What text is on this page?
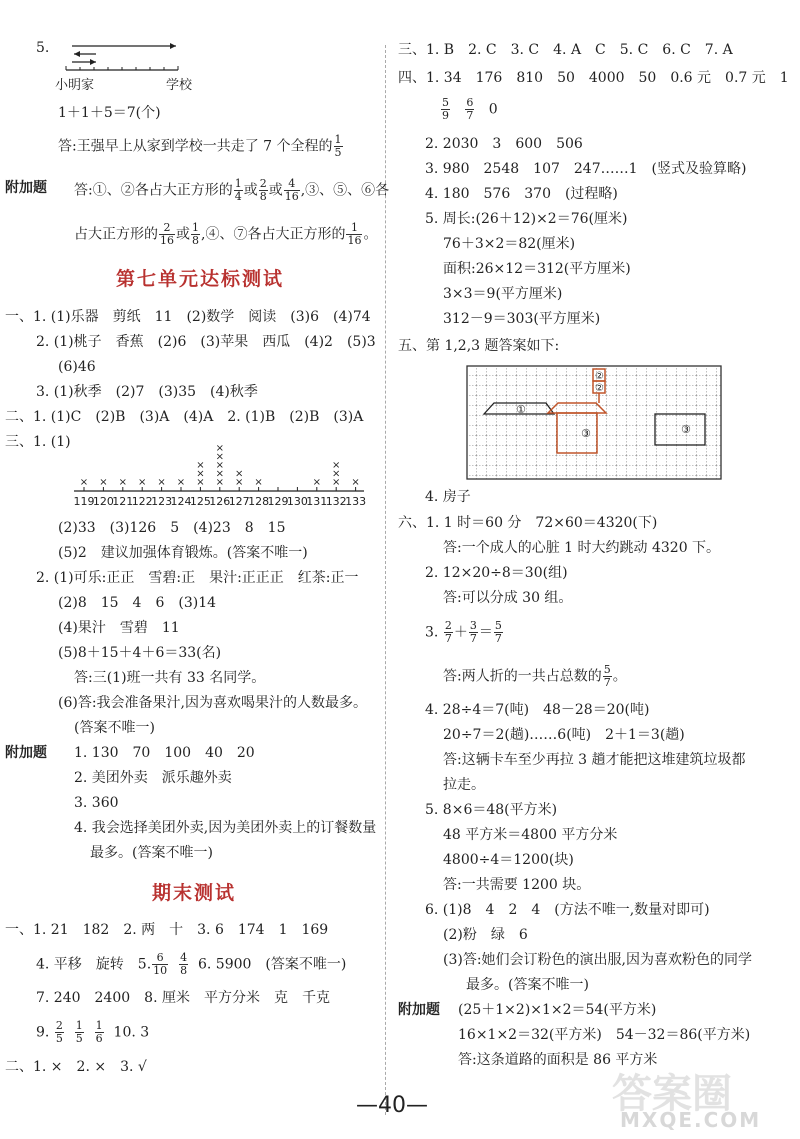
5.
小明家	学校
1＋1＋5＝7(个)
答:王强早上从家到学校一共走了 7 个全程的 $\frac{1}{5}$
附加题 答:①、②各占大正方形的 $\frac{1}{4}$ 或 $\frac{2}{8}$ 或 $\frac{4}{16}$ ,③、⑤、⑥各
占大正方形的 $\frac{2}{16}$ 或 $\frac{1}{8}$ ,④、⑦各占大正方形的 $\frac{1}{16}$ 。
第七单元达标测试
一、1. (1)乐器　剪纸　11　(2)数学　阅读　(3)6　(4)74
2. (1)桃子　香蕉　(2)6　(3)苹果　西瓜　(4)2　(5)3
(6)46
3. (1)秋季　(2)7　(3)35　(4)秋季
二、1. (1)C　(2)B　(3)A　(4)A　2. (1)B　(2)B　(3)A
三、1. (1)
119
×
120
×
121
×
122
×
123
×
124
×
125
×
×
×
126
×
×
×
×
×
127
×
×
128
×
129
130
131
×
132
×
×
×
133
×
(2)33　(3)126　5　(4)23　8　15
(5)2　建议加强体育锻炼。(答案不唯一)
2. (1)可乐:正正　雪碧:正　果汁:正正正　红茶:正一
(2)8　15　4　6　(3)14
(4)果汁　雪碧　11
(5)8＋15＋4＋6＝33(名)
答:三(1)班一共有 33 名同学。
(6)答:我会准备果汁,因为喜欢喝果汁的人数最多。
(答案不唯一)
附加题 1. 130　70　100　40　20
2. 美团外卖　派乐趣外卖
3. 360
4. 我会选择美团外卖,因为美团外卖上的订餐数量
最多。(答案不唯一)
期末测试
一、1. 21　182　2. 两　十　3. 6　174　1　169
4. 平移　旋转　5. $\frac{6}{10}$
$\frac{4}{8} 6$. 5900　(答案不唯一)
7. 240　2400　8. 厘米　平方分米　克　千克
9. $\frac{2}{5}$
$\frac{1}{5}$
$\frac{1}{6} 10$. 3
二、1. ×　2. ×　3. √
三、1. B　2. C　3. C　4. A　C　5. C　6. C　7. A
四、1. 34　176　810　50　4000　50　0.6 元　0.7 元　1
$\frac{5}{9}$
$\frac{6}{7} 0$
2. 2030　3　600　506
3. 980　2548　107　247……1　(竖式及验算略)
4. 180　576　370　(过程略)
5. 周长:(26＋12)×2＝76(厘米)
76＋3×2＝82(厘米)
面积:26×12＝312(平方厘米)
3×3＝9(平方厘米)
312－9＝303(平方厘米)
五、第 1,2,3 题答案如下:
①
③
②
②
③
4. 房子
六、1. 1 时＝60 分　72×60＝4320(下)
答:一个成人的心脏 1 时大约跳动 4320 下。
2. 12×20÷8＝30(组)
答:可以分成 30 组。
3. $\frac{2}{7} + \frac{3}{7} = \frac{5}{7}$
答:两人折的一共占总数的 $\frac{5}{7}$ 。
4. 28÷4＝7(吨)　48－28＝20(吨)
20÷7＝2(趟)……6(吨)　2＋1＝3(趟)
答:这辆卡车至少再拉 3 趟才能把这堆建筑垃圾都
拉走。
5. 8×6＝48(平方米)
48 平方米＝4800 平方分米
4800÷4＝1200(块)
答:一共需要 1200 块。
6. (1)8　4　2　4　(方法不唯一,数量对即可)
(2)粉　绿　6
(3)答:她们会订粉色的演出服,因为喜欢粉色的同学
最多。(答案不唯一)
附加题 (25＋1×2)×1×2＝54(平方米)
16×1×2＝32(平方米)　54－32＝86(平方米)
答:这条道路的面积是 86 平方米
答案圈
MXQE.COM
—40—
